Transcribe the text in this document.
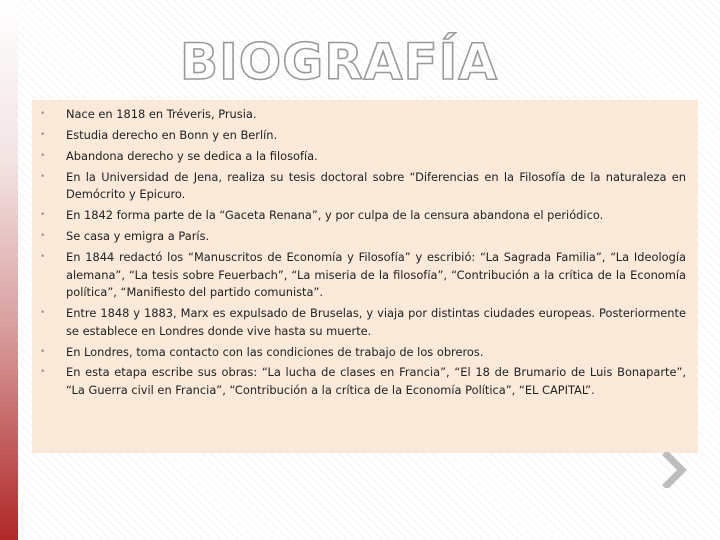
BIOGRAFÍA
• Nace en 1818 en Tréveris, Prusia.
• Estudia derecho en Bonn y en Berlín.
• Abandona derecho y se dedica a la filosofía.
• En la Universidad de Jena, realiza su tesis doctoral sobre “Diferencias en la Filosofía de la naturaleza en Demócrito y Epicuro.
• En 1842 forma parte de la “Gaceta Renana”, y por culpa de la censura abandona el periódico.
• Se casa y emigra a París.
• En 1844 redactó los “Manuscritos de Economía y Filosofía” y escribió: “La Sagrada Familia”, “La Ideología alemana”, “La tesis sobre Feuerbach”, “La miseria de la filosofía”, “Contribución a la crítica de la Economía política”, “Manifiesto del partido comunista”.
• Entre 1848 y 1883, Marx es expulsado de Bruselas, y viaja por distintas ciudades europeas. Posteriormente se establece en Londres donde vive hasta su muerte.
• En Londres, toma contacto con las condiciones de trabajo de los obreros.
• En esta etapa escribe sus obras: “La lucha de clases en Francia”, “El 18 de Brumario de Luis Bonaparte”, “La Guerra civil en Francia”, “Contribución a la crítica de la Economía Política”, “EL CAPITAL”.
